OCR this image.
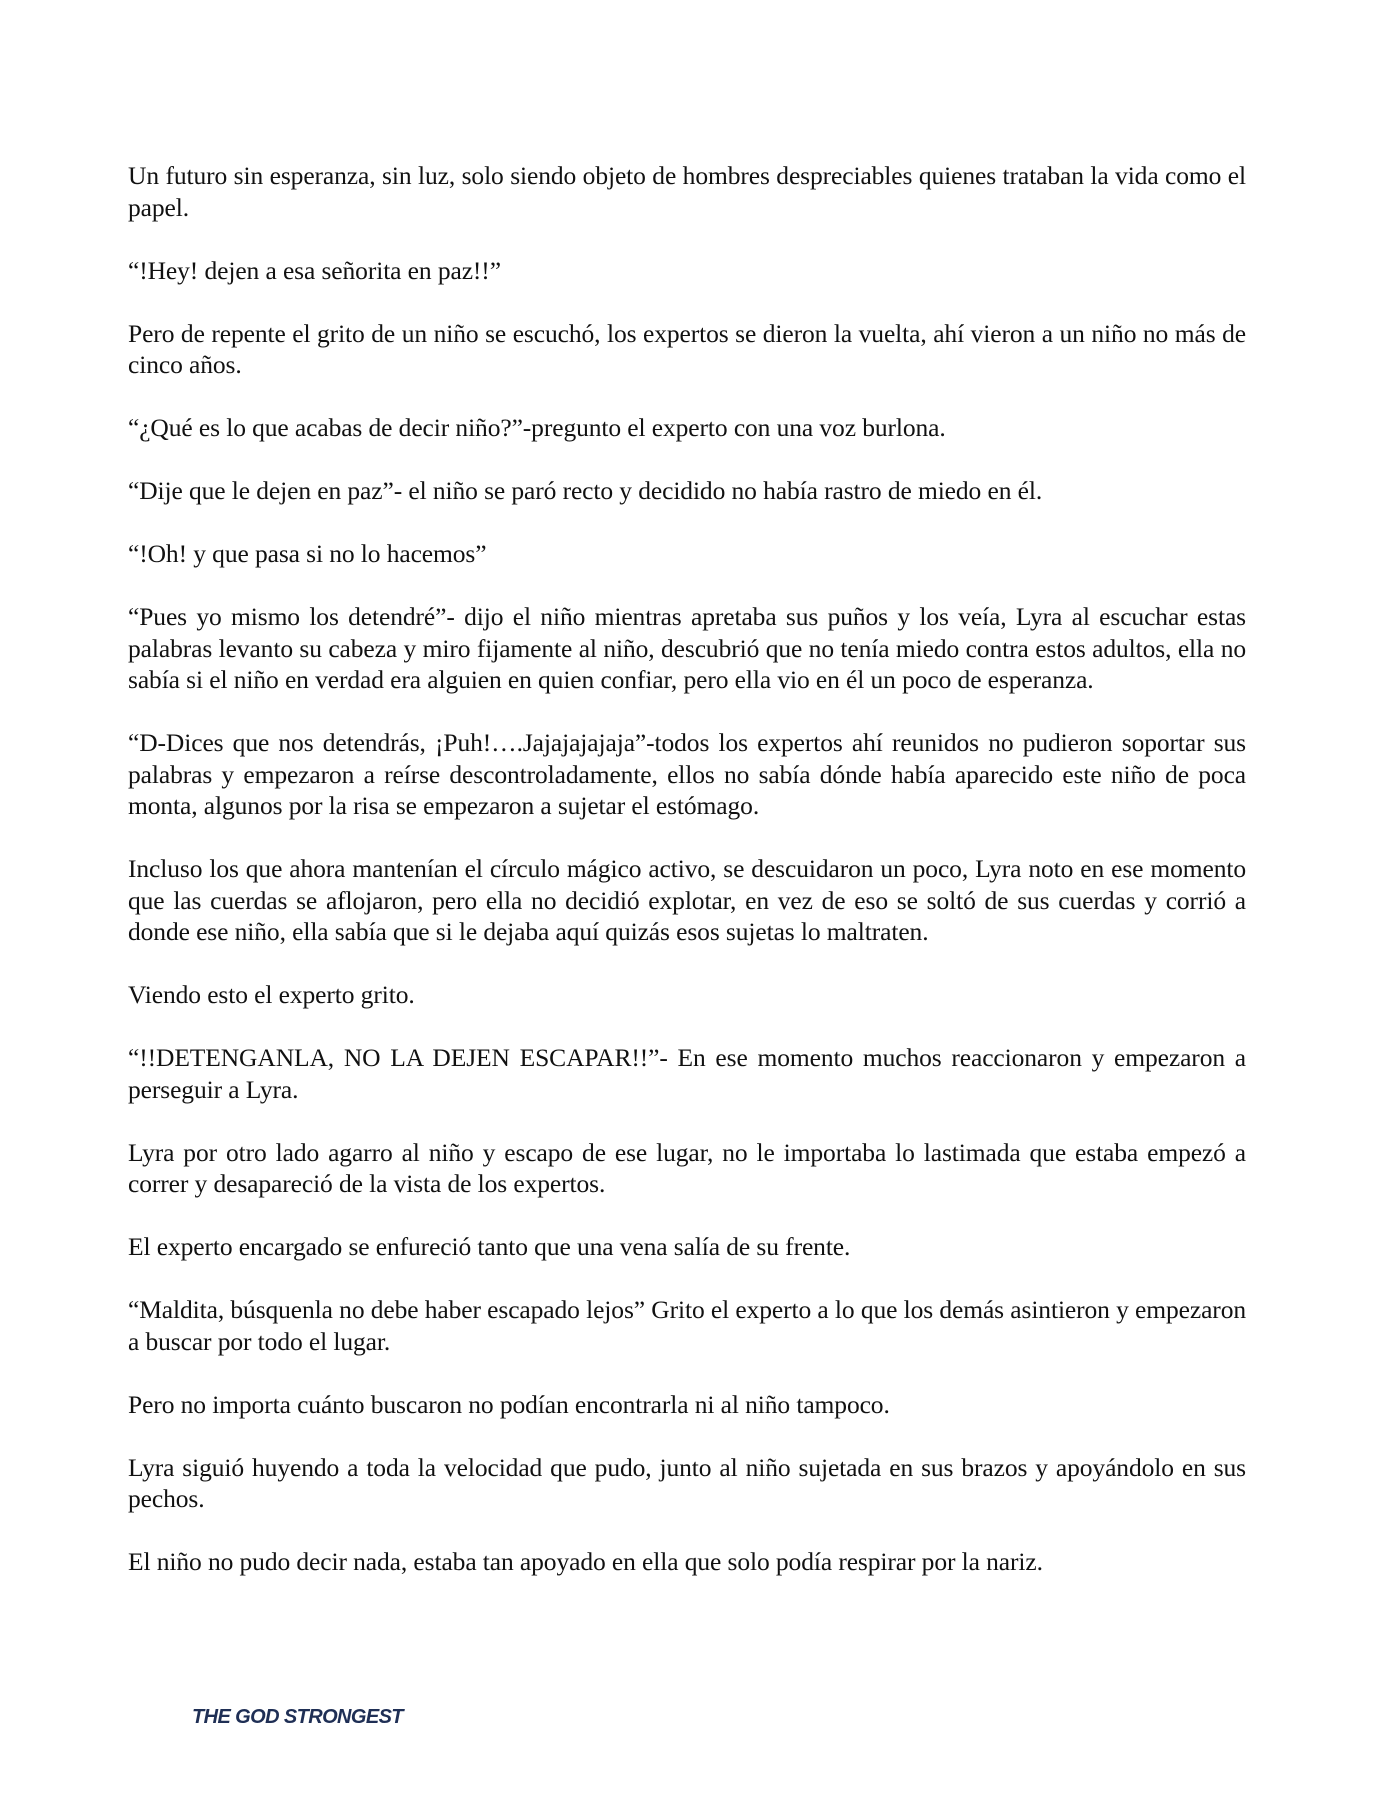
Un futuro sin esperanza, sin luz, solo siendo objeto de hombres despreciables quienes trataban la vida como el papel.

“!Hey! dejen a esa señorita en paz!!”

Pero de repente el grito de un niño se escuchó, los expertos se dieron la vuelta, ahí vieron a un niño no más de cinco años.

“¿Qué es lo que acabas de decir niño?”-pregunto el experto con una voz burlona.

“Dije que le dejen en paz”- el niño se paró recto y decidido no había rastro de miedo en él.

“!Oh! y que pasa si no lo hacemos”

“Pues yo mismo los detendré”- dijo el niño mientras apretaba sus puños y los veía, Lyra al escuchar estas palabras levanto su cabeza y miro fijamente al niño, descubrió que no tenía miedo contra estos adultos, ella no sabía si el niño en verdad era alguien en quien confiar, pero ella vio en él un poco de esperanza.

“D-Dices que nos detendrás, ¡Puh!….Jajajajajaja”-todos los expertos ahí reunidos no pudieron soportar sus palabras y empezaron a reírse descontroladamente, ellos no sabía dónde había aparecido este niño de poca monta, algunos por la risa se empezaron a sujetar el estómago.

Incluso los que ahora mantenían el círculo mágico activo, se descuidaron un poco, Lyra noto en ese momento que las cuerdas se aflojaron, pero ella no decidió explotar, en vez de eso se soltó de sus cuerdas y corrió a donde ese niño, ella sabía que si le dejaba aquí quizás esos sujetas lo maltraten.

Viendo esto el experto grito.

“!!DETENGANLA, NO LA DEJEN ESCAPAR!!”- En ese momento muchos reaccionaron y empezaron a perseguir a Lyra.

Lyra por otro lado agarro al niño y escapo de ese lugar, no le importaba lo lastimada que estaba empezó a correr y desapareció de la vista de los expertos.

El experto encargado se enfureció tanto que una vena salía de su frente.

“Maldita, búsquenla no debe haber escapado lejos” Grito el experto a lo que los demás asintieron y empezaron a buscar por todo el lugar.

Pero no importa cuánto buscaron no podían encontrarla ni al niño tampoco.

Lyra siguió huyendo a toda la velocidad que pudo, junto al niño sujetada en sus brazos y apoyándolo en sus pechos.

El niño no pudo decir nada, estaba tan apoyado en ella que solo podía respirar por la nariz.

THE GOD STRONGEST
